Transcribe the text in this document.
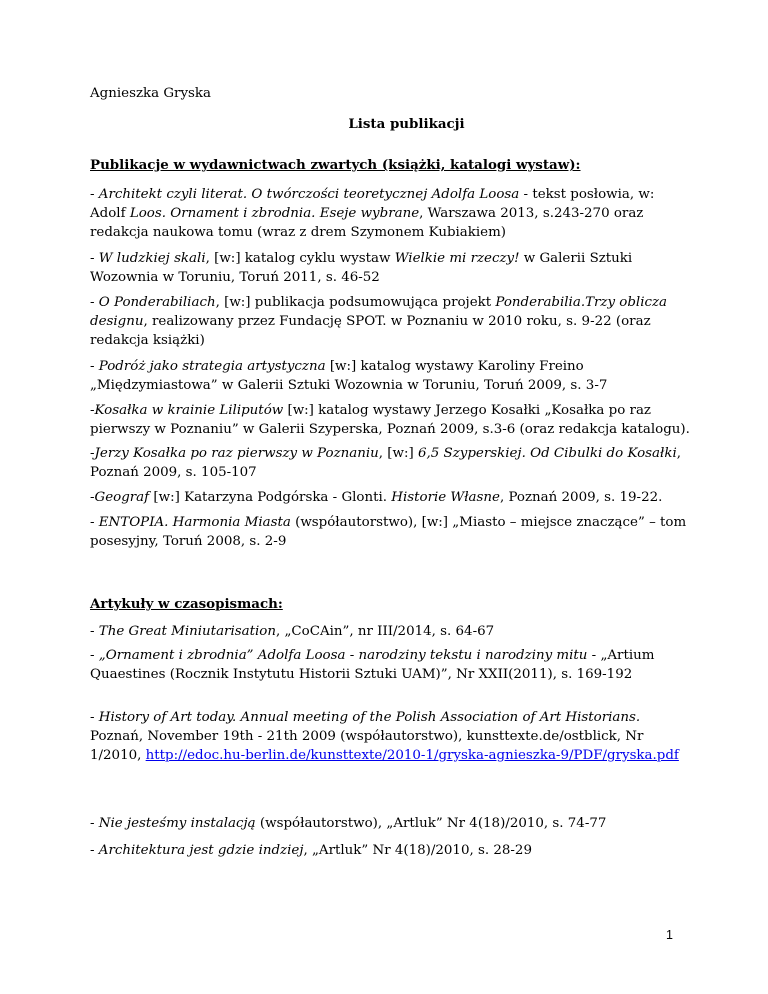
Agnieszka Gryska
Lista publikacji
Publikacje w wydawnictwach zwartych (książki, katalogi wystaw):
- Architekt czyli literat. O twórczości teoretycznej Adolfa Loosa - tekst posłowia, w: Adolf Loos. Ornament i zbrodnia. Eseje wybrane, Warszawa 2013, s.243-270 oraz redakcja naukowa tomu (wraz z drem Szymonem Kubiakiem)
- W ludzkiej skali, [w:] katalog cyklu wystaw Wielkie mi rzeczy! w Galerii Sztuki Wozownia w Toruniu, Toruń 2011, s. 46-52
- O Ponderabiliach, [w:] publikacja podsumowująca projekt Ponderabilia.Trzy oblicza designu, realizowany przez Fundację SPOT. w Poznaniu w 2010 roku, s. 9-22 (oraz redakcja książki)
- Podróż jako strategia artystyczna [w:] katalog wystawy Karoliny Freino „Międzymiastowa” w Galerii Sztuki Wozownia w Toruniu, Toruń 2009, s. 3-7
-Kosałka w krainie Liliputów [w:] katalog wystawy Jerzego Kosałki „Kosałka po raz pierwszy w Poznaniu” w Galerii Szyperska, Poznań 2009, s.3-6 (oraz redakcja katalogu).
-Jerzy Kosałka po raz pierwszy w Poznaniu, [w:] 6,5 Szyperskiej. Od Cibulki do Kosałki, Poznań 2009, s. 105-107
-Geograf [w:] Katarzyna Podgórska - Glonti. Historie Własne, Poznań 2009, s. 19-22.
- ENTOPIA. Harmonia Miasta (współautorstwo), [w:] „Miasto – miejsce znaczące” – tom posesyjny, Toruń 2008, s. 2-9
Artykuły w czasopismach:
- The Great Miniutarisation, „CoCAin”, nr III/2014, s. 64-67
- „Ornament i zbrodnia” Adolfa Loosa - narodziny tekstu i narodziny mitu - „Artium Quaestines (Rocznik Instytutu Historii Sztuki UAM)”, Nr XXII(2011), s. 169-192
- History of Art today. Annual meeting of the Polish Association of Art Historians. Poznań, November 19th - 21th 2009 (współautorstwo), kunsttexte.de/ostblick, Nr 1/2010, http://edoc.hu-berlin.de/kunsttexte/2010-1/gryska-agnieszka-9/PDF/gryska.pdf
- Nie jesteśmy instalacją (współautorstwo), „Artluk” Nr 4(18)/2010, s. 74-77
- Architektura jest gdzie indziej, „Artluk” Nr 4(18)/2010, s. 28-29
1
